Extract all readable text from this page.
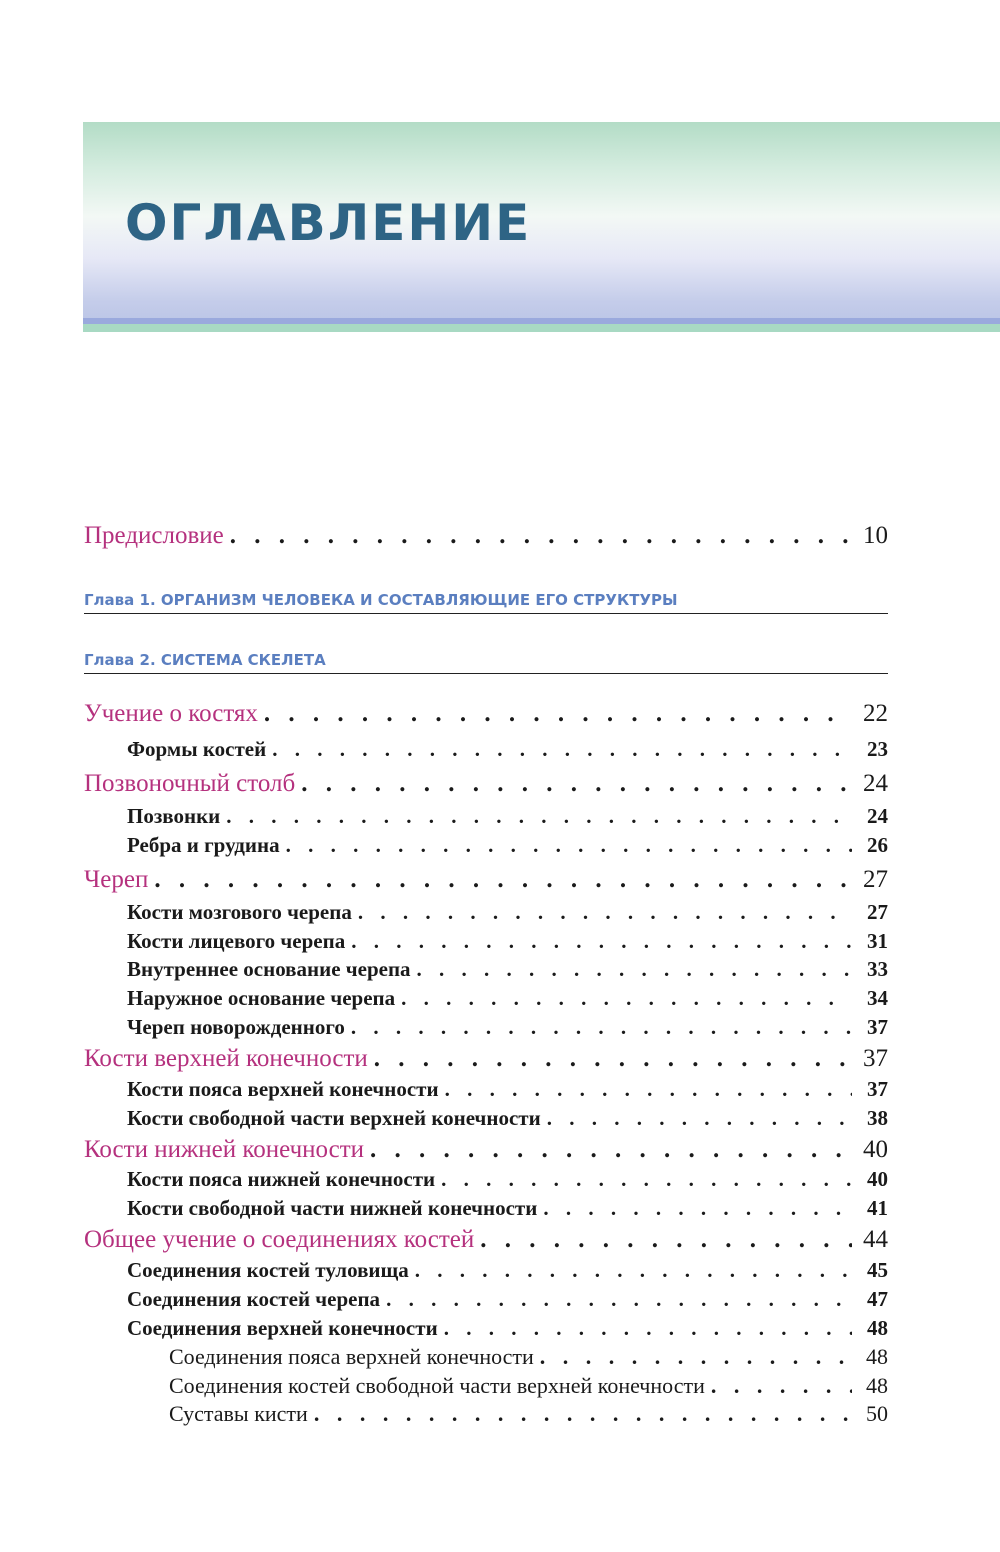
ОГЛАВЛЕНИЕ
Предисловие . . .	10
Глава 1. ОРГАНИЗМ ЧЕЛОВЕКА И СОСТАВЛЯЮЩИЕ ЕГО СТРУКТУРЫ
Глава 2. СИСТЕМА СКЕЛЕТА
Учение о костях . . .	22
Формы костей . . .	23
Позвоночный столб . . .	24
Позвонки . . .	24
Ребра и грудина . . .	26
Череп . . .	27
Кости мозгового черепа . . .	27
Кости лицевого черепа . . .	31
Внутреннее основание черепа . . .	33
Наружное основание черепа . . .	34
Череп новорожденного . . .	37
Кости верхней конечности . . .	37
Кости пояса верхней конечности . . .	37
Кости свободной части верхней конечности . . .	38
Кости нижней конечности . . .	40
Кости пояса нижней конечности . . .	40
Кости свободной части нижней конечности . . .	41
Общее учение о соединениях костей . . .	44
Соединения костей туловища . . .	45
Соединения костей черепа . . .	47
Соединения верхней конечности . . .	48
Соединения пояса верхней конечности . . .	48
Соединения костей свободной части верхней конечности . . .	48
Суставы кисти . . .	50
